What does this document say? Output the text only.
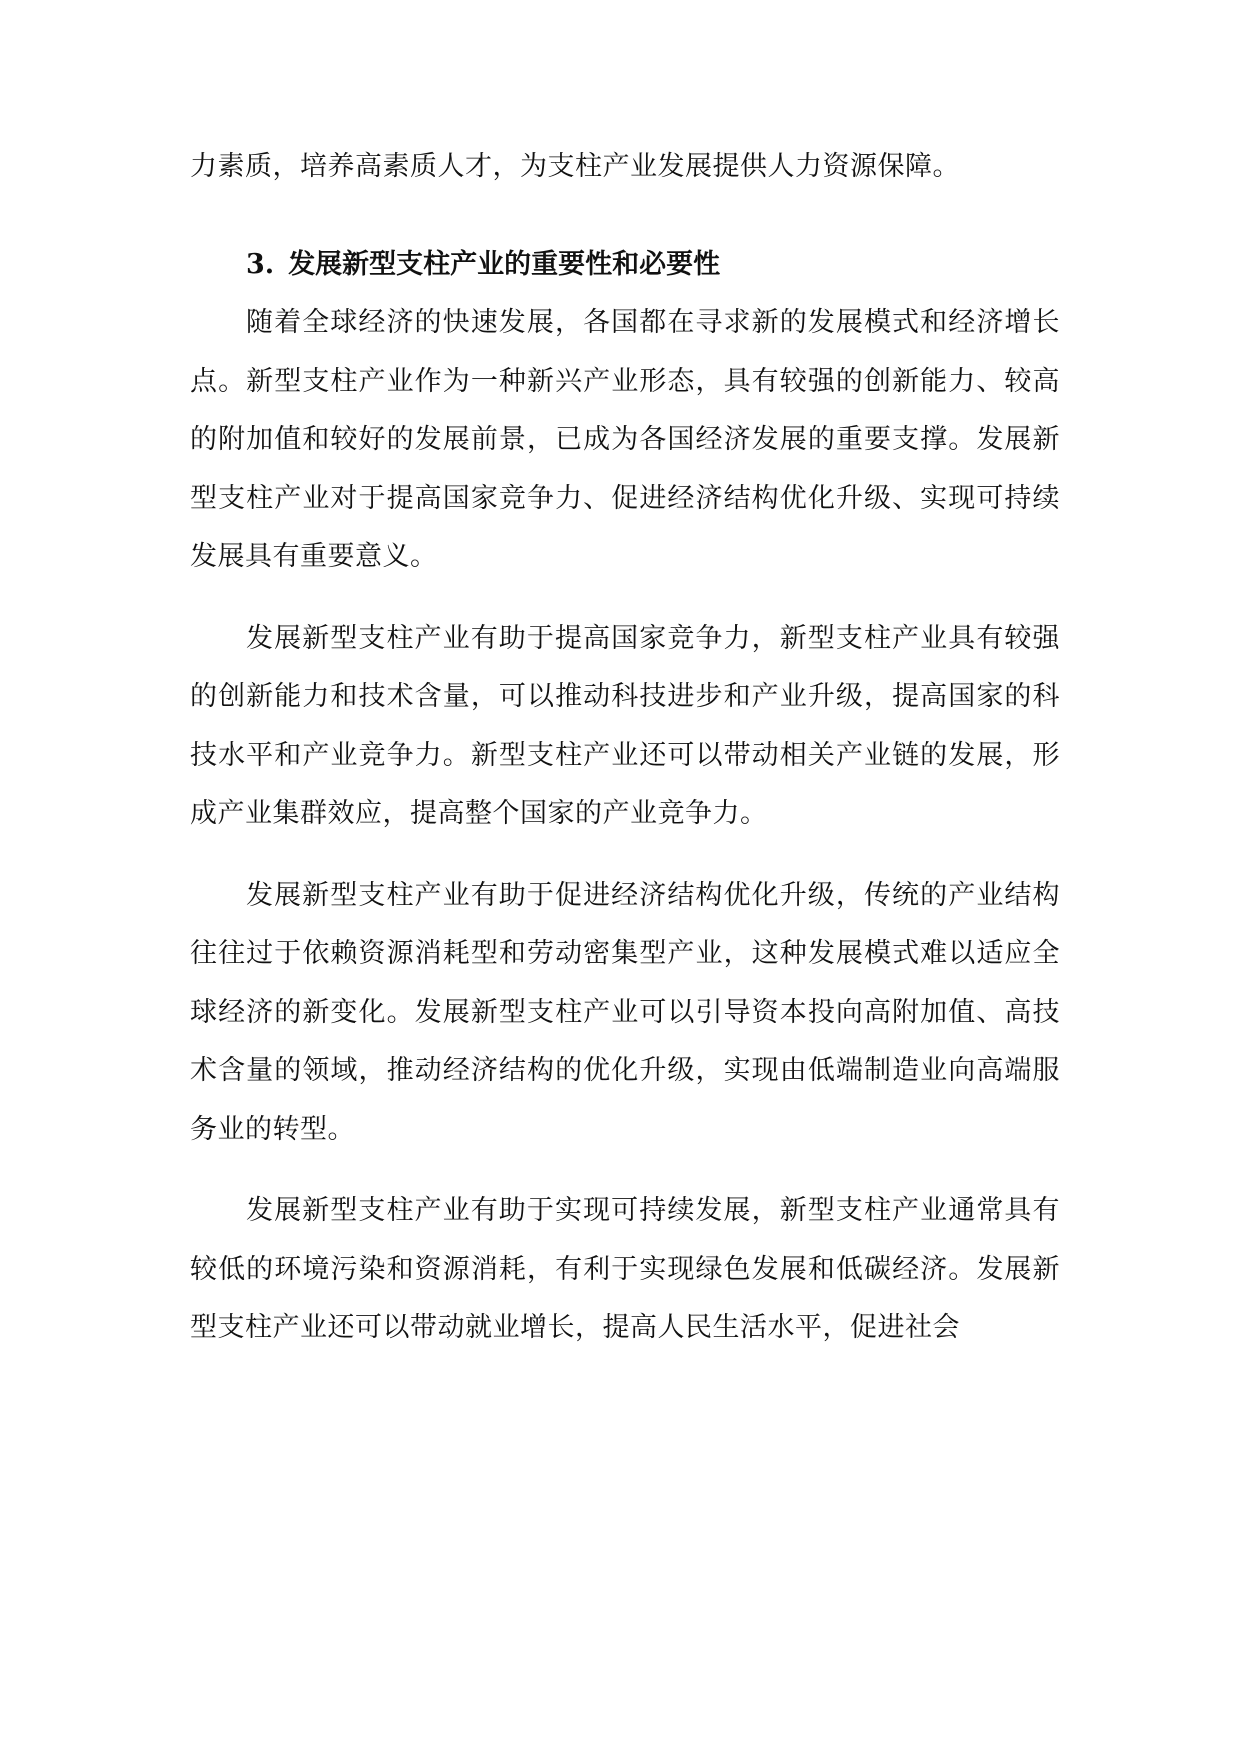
力素质，培养高素质人才，为支柱产业发展提供人力资源保障。

3. 发展新型支柱产业的重要性和必要性

随着全球经济的快速发展，各国都在寻求新的发展模式和经济增长点。新型支柱产业作为一种新兴产业形态，具有较强的创新能力、较高的附加值和较好的发展前景，已成为各国经济发展的重要支撑。发展新型支柱产业对于提高国家竞争力、促进经济结构优化升级、实现可持续发展具有重要意义。

发展新型支柱产业有助于提高国家竞争力，新型支柱产业具有较强的创新能力和技术含量，可以推动科技进步和产业升级，提高国家的科技水平和产业竞争力。新型支柱产业还可以带动相关产业链的发展，形成产业集群效应，提高整个国家的产业竞争力。

发展新型支柱产业有助于促进经济结构优化升级，传统的产业结构往往过于依赖资源消耗型和劳动密集型产业，这种发展模式难以适应全球经济的新变化。发展新型支柱产业可以引导资本投向高附加值、高技术含量的领域，推动经济结构的优化升级，实现由低端制造业向高端服务业的转型。

发展新型支柱产业有助于实现可持续发展，新型支柱产业通常具有较低的环境污染和资源消耗，有利于实现绿色发展和低碳经济。发展新型支柱产业还可以带动就业增长，提高人民生活水平，促进社会
